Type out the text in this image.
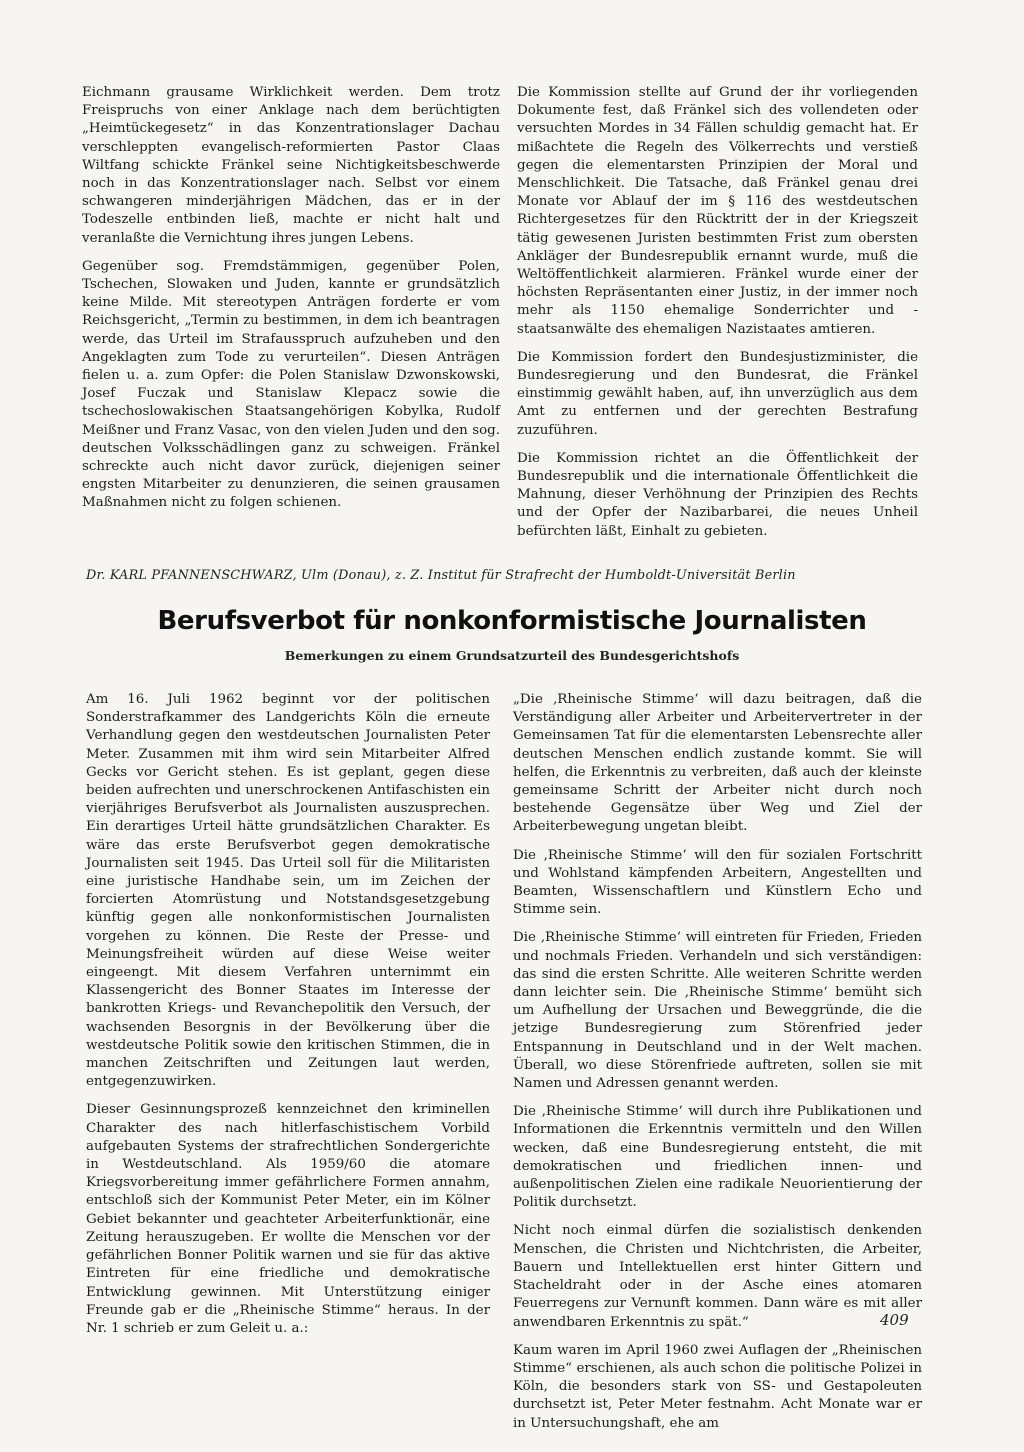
Eichmann grausame Wirklichkeit werden. Dem trotz Freispruchs von einer Anklage nach dem berüchtigten „Heimtückegesetz“ in das Konzentrationslager Dachau verschleppten evangelisch-reformierten Pastor Claas Wiltfang schickte Fränkel seine Nichtigkeitsbeschwerde noch in das Konzentrationslager nach. Selbst vor einem schwangeren minderjährigen Mädchen, das er in der Todeszelle entbinden ließ, machte er nicht halt und veranlaßte die Vernichtung ihres jungen Lebens.

Gegenüber sog. Fremdstämmigen, gegenüber Polen, Tschechen, Slowaken und Juden, kannte er grundsätzlich keine Milde. Mit stereotypen Anträgen forderte er vom Reichsgericht, „Termin zu bestimmen, in dem ich beantragen werde, das Urteil im Strafausspruch aufzuheben und den Angeklagten zum Tode zu verurteilen“. Diesen Anträgen fielen u. a. zum Opfer: die Polen Stanislaw Dzwonskowski, Josef Fuczak und Stanislaw Klepacz sowie die tschechoslowakischen Staatsangehörigen Kobylka, Rudolf Meißner und Franz Vasac, von den vielen Juden und den sog. deutschen Volksschädlingen ganz zu schweigen. Fränkel schreckte auch nicht davor zurück, diejenigen seiner engsten Mitarbeiter zu denunzieren, die seinen grausamen Maßnahmen nicht zu folgen schienen.

Die Kommission stellte auf Grund der ihr vorliegenden Dokumente fest, daß Fränkel sich des vollendeten oder versuchten Mordes in 34 Fällen schuldig gemacht hat. Er mißachtete die Regeln des Völkerrechts und verstieß gegen die elementarsten Prinzipien der Moral und Menschlichkeit. Die Tatsache, daß Fränkel genau drei Monate vor Ablauf der im § 116 des westdeutschen Richtergesetzes für den Rücktritt der in der Kriegszeit tätig gewesenen Juristen bestimmten Frist zum obersten Ankläger der Bundesrepublik ernannt wurde, muß die Weltöffentlichkeit alarmieren. Fränkel wurde einer der höchsten Repräsentanten einer Justiz, in der immer noch mehr als 1150 ehemalige Sonderrichter und -staatsanwälte des ehemaligen Nazistaates amtieren.

Die Kommission fordert den Bundesjustizminister, die Bundesregierung und den Bundesrat, die Fränkel einstimmig gewählt haben, auf, ihn unverzüglich aus dem Amt zu entfernen und der gerechten Bestrafung zuzuführen.

Die Kommission richtet an die Öffentlichkeit der Bundesrepublik und die internationale Öffentlichkeit die Mahnung, dieser Verhöhnung der Prinzipien des Rechts und der Opfer der Nazibarbarei, die neues Unheil befürchten läßt, Einhalt zu gebieten.

Dr. KARL PFANNENSCHWARZ, Ulm (Donau), z. Z. Institut für Strafrecht der Humboldt-Universität Berlin
Berufsverbot für nonkonformistische Journalisten
Bemerkungen zu einem Grundsatzurteil des Bundesgerichtshofs

Am 16. Juli 1962 beginnt vor der politischen Sonderstrafkammer des Landgerichts Köln die erneute Verhandlung gegen den westdeutschen Journalisten Peter Meter. Zusammen mit ihm wird sein Mitarbeiter Alfred Gecks vor Gericht stehen. Es ist geplant, gegen diese beiden aufrechten und unerschrockenen Antifaschisten ein vierjähriges Berufsverbot als Journalisten auszusprechen. Ein derartiges Urteil hätte grundsätzlichen Charakter. Es wäre das erste Berufsverbot gegen demokratische Journalisten seit 1945. Das Urteil soll für die Militaristen eine juristische Handhabe sein, um im Zeichen der forcierten Atomrüstung und Notstandsgesetzgebung künftig gegen alle nonkonformistischen Journalisten vorgehen zu können. Die Reste der Presse- und Meinungsfreiheit würden auf diese Weise weiter eingeengt. Mit diesem Verfahren unternimmt ein Klassengericht des Bonner Staates im Interesse der bankrotten Kriegs- und Revanchepolitik den Versuch, der wachsenden Besorgnis in der Bevölkerung über die westdeutsche Politik sowie den kritischen Stimmen, die in manchen Zeitschriften und Zeitungen laut werden, entgegenzuwirken.

Dieser Gesinnungsprozeß kennzeichnet den kriminellen Charakter des nach hitlerfaschistischem Vorbild aufgebauten Systems der strafrechtlichen Sondergerichte in Westdeutschland. Als 1959/60 die atomare Kriegsvorbereitung immer gefährlichere Formen annahm, entschloß sich der Kommunist Peter Meter, ein im Kölner Gebiet bekannter und geachteter Arbeiterfunktionär, eine Zeitung herauszugeben. Er wollte die Menschen vor der gefährlichen Bonner Politik warnen und sie für das aktive Eintreten für eine friedliche und demokratische Entwicklung gewinnen. Mit Unterstützung einiger Freunde gab er die „Rheinische Stimme“ heraus. In der Nr. 1 schrieb er zum Geleit u. a.:

„Die ‚Rheinische Stimme‘ will dazu beitragen, daß die Verständigung aller Arbeiter und Arbeitervertreter in der Gemeinsamen Tat für die elementarsten Lebensrechte aller deutschen Menschen endlich zustande kommt. Sie will helfen, die Erkenntnis zu verbreiten, daß auch der kleinste gemeinsame Schritt der Arbeiter nicht durch noch bestehende Gegensätze über Weg und Ziel der Arbeiterbewegung ungetan bleibt.

Die ‚Rheinische Stimme‘ will den für sozialen Fortschritt und Wohlstand kämpfenden Arbeitern, Angestellten und Beamten, Wissenschaftlern und Künstlern Echo und Stimme sein.

Die ‚Rheinische Stimme‘ will eintreten für Frieden, Frieden und nochmals Frieden. Verhandeln und sich verständigen: das sind die ersten Schritte. Alle weiteren Schritte werden dann leichter sein. Die ‚Rheinische Stimme‘ bemüht sich um Aufhellung der Ursachen und Beweggründe, die die jetzige Bundesregierung zum Störenfried jeder Entspannung in Deutschland und in der Welt machen. Überall, wo diese Störenfriede auftreten, sollen sie mit Namen und Adressen genannt werden.

Die ‚Rheinische Stimme‘ will durch ihre Publikationen und Informationen die Erkenntnis vermitteln und den Willen wecken, daß eine Bundesregierung entsteht, die mit demokratischen und friedlichen innen- und außenpolitischen Zielen eine radikale Neuorientierung der Politik durchsetzt.

Nicht noch einmal dürfen die sozialistisch denkenden Menschen, die Christen und Nichtchristen, die Arbeiter, Bauern und Intellektuellen erst hinter Gittern und Stacheldraht oder in der Asche eines atomaren Feuerregens zur Vernunft kommen. Dann wäre es mit aller anwendbaren Erkenntnis zu spät.“

Kaum waren im April 1960 zwei Auflagen der „Rheinischen Stimme“ erschienen, als auch schon die politische Polizei in Köln, die besonders stark von SS- und Gestapoleuten durchsetzt ist, Peter Meter festnahm. Acht Monate war er in Untersuchungshaft, ehe am

409
